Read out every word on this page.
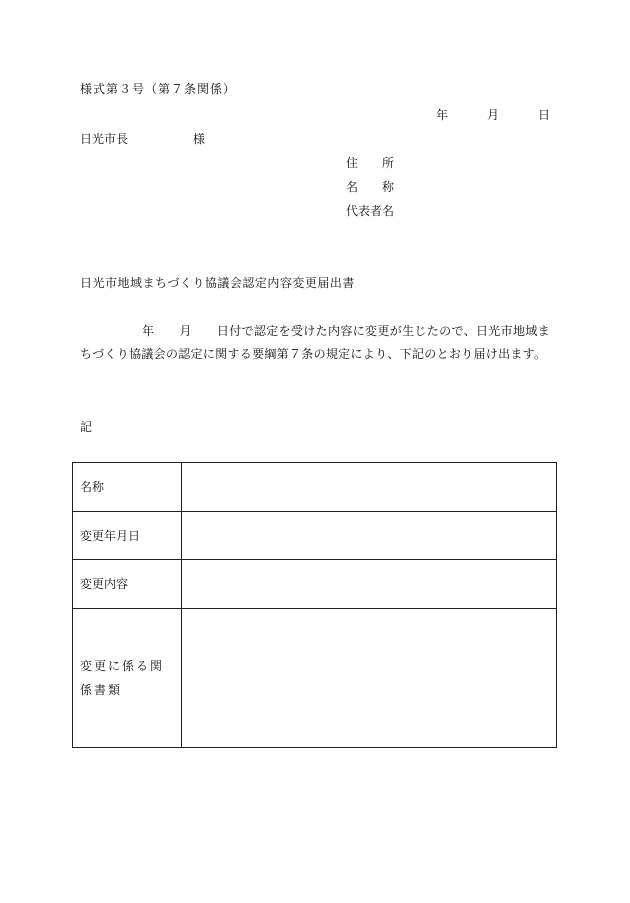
様式第３号（第７条関係）
年	月	日
日光市長	様
住　　所
名　　称
代表者名
日光市地域まちづくり協議会認定内容変更届出書
年 月 日付で認定を受けた内容に変更が生じたので、日光市地域まちづくり協議会の認定に関する要綱第７条の規定により、下記のとおり届け出ます。
記
名称	
変更年月日	
変更内容	
変更に係る関係書類	
